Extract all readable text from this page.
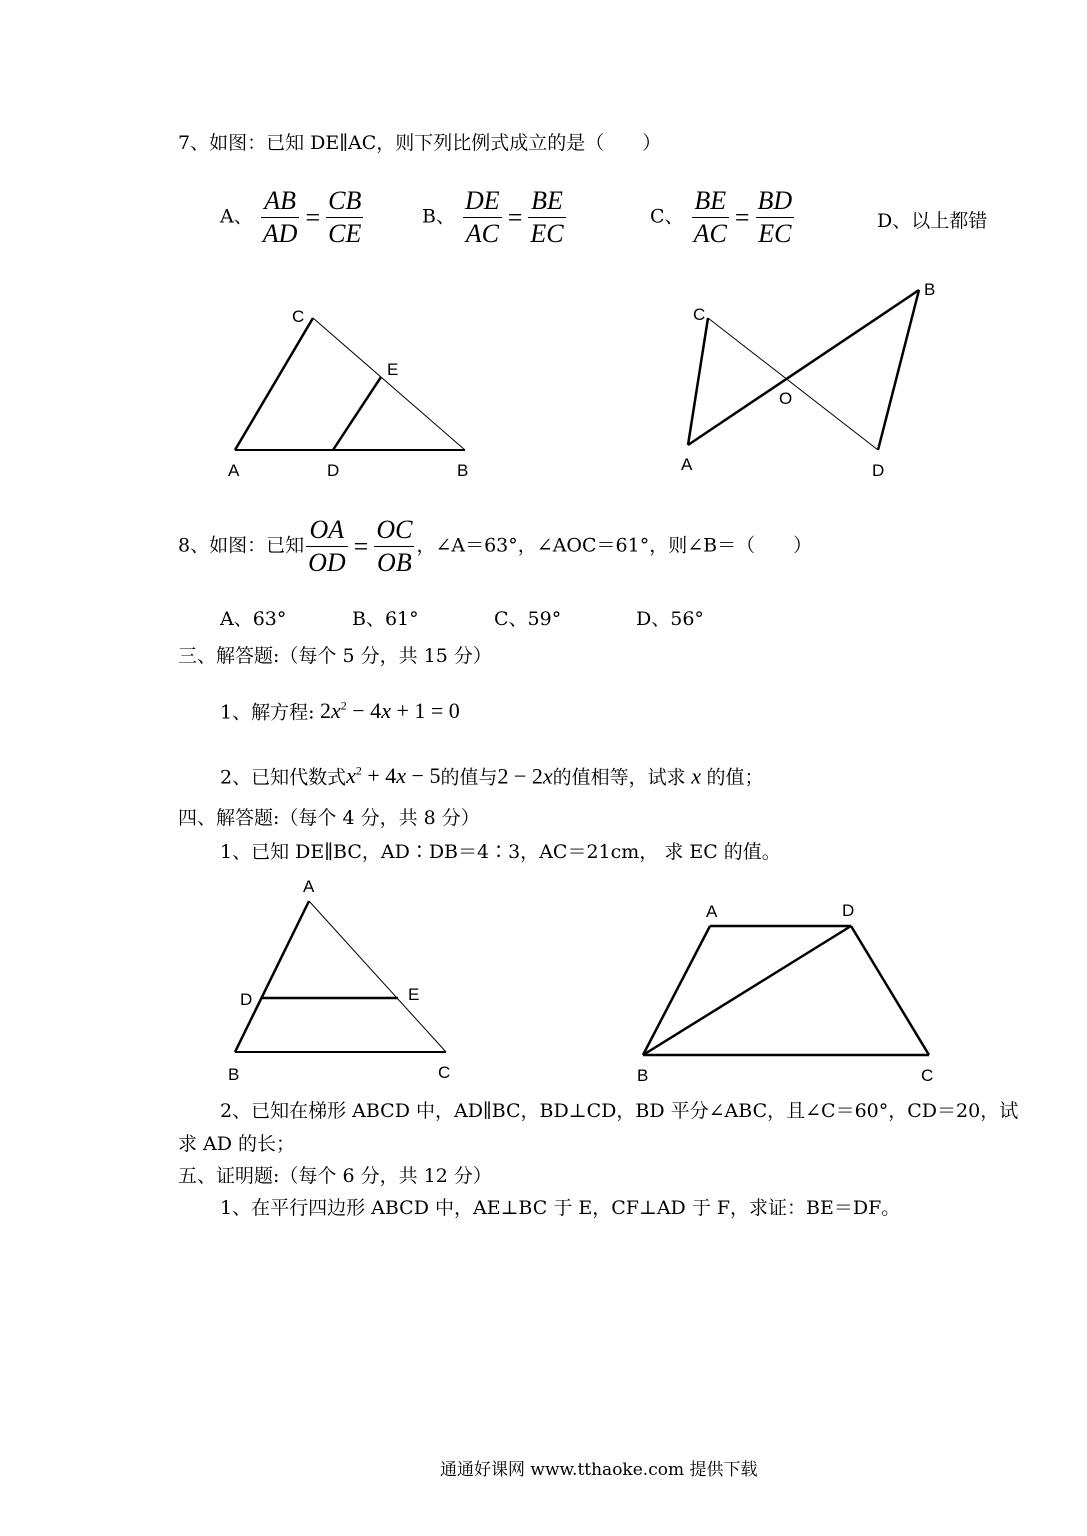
7、如图：已知 DE∥AC，则下列比例式成立的是（　　）
A、 $\frac{AB}{AD} = \frac{CB}{CE}$	B、 $\frac{DE}{AC} = \frac{BE}{EC}$	C、 $\frac{BE}{AC} = \frac{BD}{EC}$	D、以上都错
C
E
A	D	B
C
B
O
A	D
A
D	E
B	C
A	D
B	C
8、如图：已知 $\frac{OA}{OD} = \frac{OC}{OB}$ ，∠A＝63°，∠AOC＝61°，则∠B＝（　　）
A、63°	B、61°	C、59°	D、56°
三、解答题:（每个 5 分，共 15 分）
1、解方程: $2x^2 - 4x + 1 = 0$
2、已知代数式$x^2 + 4x - 5$的值与2 − 2x的值相等，试求 x 的值；
四、解答题:（每个 4 分，共 8 分）
1、已知 DE∥BC，AD∶DB＝4∶3，AC＝21cm， 求 EC 的值。
2、已知在梯形 ABCD 中，AD∥BC，BD⊥CD，BD 平分∠ABC，且∠C＝60°，CD＝20，试
求 AD 的长；
五、证明题:（每个 6 分，共 12 分）
1、在平行四边形 ABCD 中，AE⊥BC 于 E，CF⊥AD 于 F，求证：BE＝DF。
通通好课网 www.tthaoke.com 提供下载
